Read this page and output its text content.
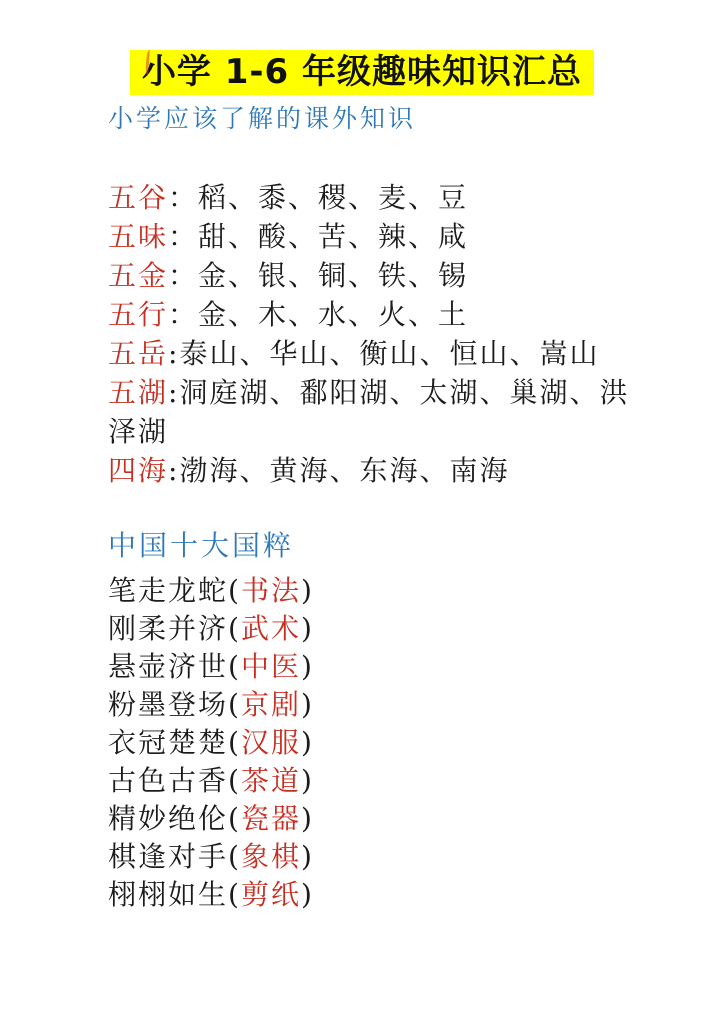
小学 1-6 年级趣味知识汇总
小学应该了解的课外知识
五谷：稻、黍、稷、麦、豆
五味：甜、酸、苦、辣、咸
五金：金、银、铜、铁、锡
五行：金、木、水、火、土
五岳:泰山、华山、衡山、恒山、嵩山
五湖:洞庭湖、鄱阳湖、太湖、巢湖、洪泽湖
四海:渤海、黄海、东海、南海
中国十大国粹
笔走龙蛇(书法)
刚柔并济(武术)
悬壶济世(中医)
粉墨登场(京剧)
衣冠楚楚(汉服)
古色古香(茶道)
精妙绝伦(瓷器)
棋逢对手(象棋)
栩栩如生(剪纸)
